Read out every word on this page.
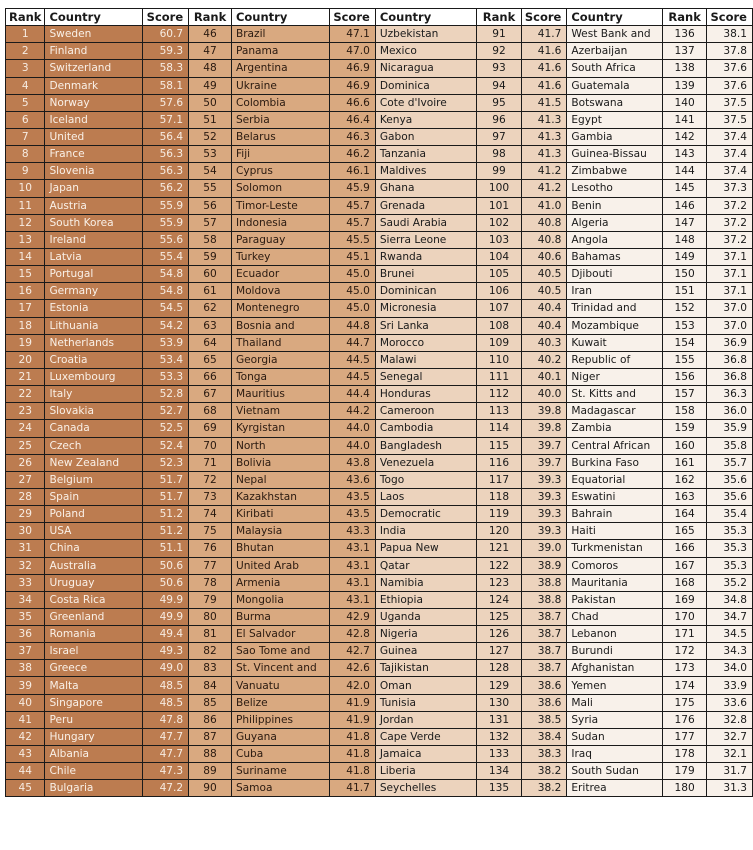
Rank	Country	Score	Rank	Country	Score	Country	Rank	Score	Country	Rank	Score
1	Sweden	60.7	46	Brazil	47.1	Uzbekistan	91	41.7	West Bank and	136	38.1
2	Finland	59.3	47	Panama	47.0	Mexico	92	41.6	Azerbaijan	137	37.8
3	Switzerland	58.3	48	Argentina	46.9	Nicaragua	93	41.6	South Africa	138	37.6
4	Denmark	58.1	49	Ukraine	46.9	Dominica	94	41.6	Guatemala	139	37.6
5	Norway	57.6	50	Colombia	46.6	Cote d'Ivoire	95	41.5	Botswana	140	37.5
6	Iceland	57.1	51	Serbia	46.4	Kenya	96	41.3	Egypt	141	37.5
7	United	56.4	52	Belarus	46.3	Gabon	97	41.3	Gambia	142	37.4
8	France	56.3	53	Fiji	46.2	Tanzania	98	41.3	Guinea-Bissau	143	37.4
9	Slovenia	56.3	54	Cyprus	46.1	Maldives	99	41.2	Zimbabwe	144	37.4
10	Japan	56.2	55	Solomon	45.9	Ghana	100	41.2	Lesotho	145	37.3
11	Austria	55.9	56	Timor-Leste	45.7	Grenada	101	41.0	Benin	146	37.2
12	South Korea	55.9	57	Indonesia	45.7	Saudi Arabia	102	40.8	Algeria	147	37.2
13	Ireland	55.6	58	Paraguay	45.5	Sierra Leone	103	40.8	Angola	148	37.2
14	Latvia	55.4	59	Turkey	45.1	Rwanda	104	40.6	Bahamas	149	37.1
15	Portugal	54.8	60	Ecuador	45.0	Brunei	105	40.5	Djibouti	150	37.1
16	Germany	54.8	61	Moldova	45.0	Dominican	106	40.5	Iran	151	37.1
17	Estonia	54.5	62	Montenegro	45.0	Micronesia	107	40.4	Trinidad and	152	37.0
18	Lithuania	54.2	63	Bosnia and	44.8	Sri Lanka	108	40.4	Mozambique	153	37.0
19	Netherlands	53.9	64	Thailand	44.7	Morocco	109	40.3	Kuwait	154	36.9
20	Croatia	53.4	65	Georgia	44.5	Malawi	110	40.2	Republic of	155	36.8
21	Luxembourg	53.3	66	Tonga	44.5	Senegal	111	40.1	Niger	156	36.8
22	Italy	52.8	67	Mauritius	44.4	Honduras	112	40.0	St. Kitts and	157	36.3
23	Slovakia	52.7	68	Vietnam	44.2	Cameroon	113	39.8	Madagascar	158	36.0
24	Canada	52.5	69	Kyrgistan	44.0	Cambodia	114	39.8	Zambia	159	35.9
25	Czech	52.4	70	North	44.0	Bangladesh	115	39.7	Central African	160	35.8
26	New Zealand	52.3	71	Bolivia	43.8	Venezuela	116	39.7	Burkina Faso	161	35.7
27	Belgium	51.7	72	Nepal	43.6	Togo	117	39.3	Equatorial	162	35.6
28	Spain	51.7	73	Kazakhstan	43.5	Laos	118	39.3	Eswatini	163	35.6
29	Poland	51.2	74	Kiribati	43.5	Democratic	119	39.3	Bahrain	164	35.4
30	USA	51.2	75	Malaysia	43.3	India	120	39.3	Haiti	165	35.3
31	China	51.1	76	Bhutan	43.1	Papua New	121	39.0	Turkmenistan	166	35.3
32	Australia	50.6	77	United Arab	43.1	Qatar	122	38.9	Comoros	167	35.3
33	Uruguay	50.6	78	Armenia	43.1	Namibia	123	38.8	Mauritania	168	35.2
34	Costa Rica	49.9	79	Mongolia	43.1	Ethiopia	124	38.8	Pakistan	169	34.8
35	Greenland	49.9	80	Burma	42.9	Uganda	125	38.7	Chad	170	34.7
36	Romania	49.4	81	El Salvador	42.8	Nigeria	126	38.7	Lebanon	171	34.5
37	Israel	49.3	82	Sao Tome and	42.7	Guinea	127	38.7	Burundi	172	34.3
38	Greece	49.0	83	St. Vincent and	42.6	Tajikistan	128	38.7	Afghanistan	173	34.0
39	Malta	48.5	84	Vanuatu	42.0	Oman	129	38.6	Yemen	174	33.9
40	Singapore	48.5	85	Belize	41.9	Tunisia	130	38.6	Mali	175	33.6
41	Peru	47.8	86	Philippines	41.9	Jordan	131	38.5	Syria	176	32.8
42	Hungary	47.7	87	Guyana	41.8	Cape Verde	132	38.4	Sudan	177	32.7
43	Albania	47.7	88	Cuba	41.8	Jamaica	133	38.3	Iraq	178	32.1
44	Chile	47.3	89	Suriname	41.8	Liberia	134	38.2	South Sudan	179	31.7
45	Bulgaria	47.2	90	Samoa	41.7	Seychelles	135	38.2	Eritrea	180	31.3
